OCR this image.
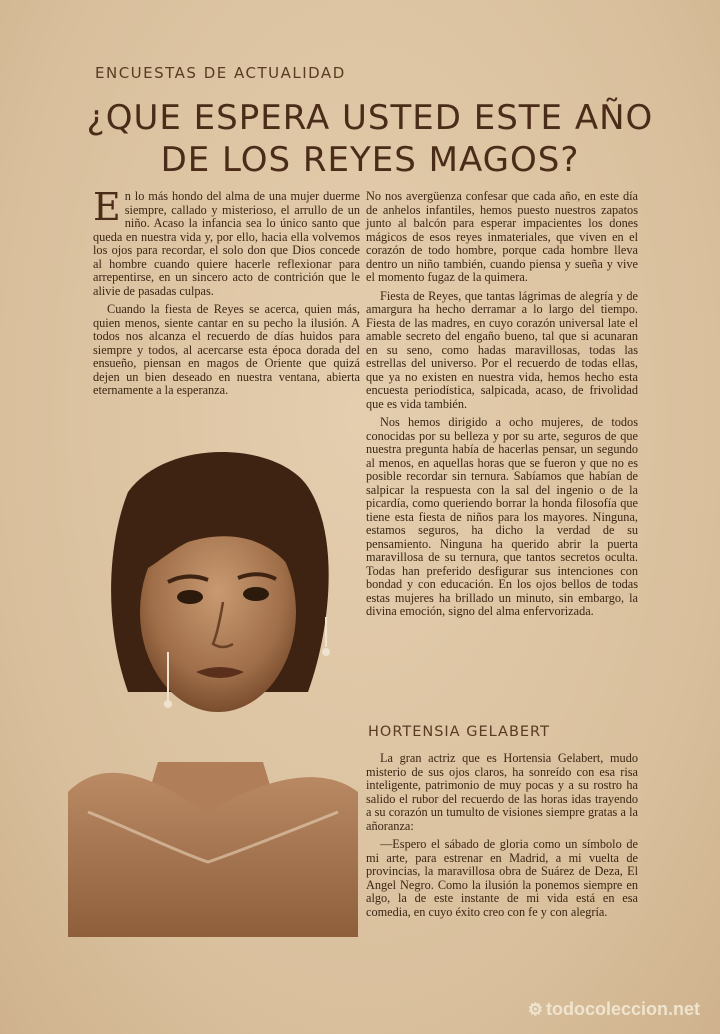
ENCUESTAS DE ACTUALIDAD
¿QUE ESPERA USTED ESTE AÑO
DE LOS REYES MAGOS?

En lo más hondo del alma de una mujer duerme siempre, callado y misterioso, el arrullo de un niño. Acaso la infancia sea lo único santo que queda en nuestra vida y, por ello, hacia ella volvemos los ojos para recordar, el solo don que Dios concede al hombre cuando quiere hacerle reflexionar para arrepentirse, en un sincero acto de contrición que le alivie de pasadas culpas.

Cuando la fiesta de Reyes se acerca, quien más, quien menos, siente cantar en su pecho la ilusión. A todos nos alcanza el recuerdo de días huidos para siempre y todos, al acercarse esta época dorada del ensueño, piensan en magos de Oriente que quizá dejen un bien deseado en nuestra ventana, abierta eternamente a la esperanza.

No nos avergüenza confesar que cada año, en este día de anhelos infantiles, hemos puesto nuestros zapatos junto al balcón para esperar impacientes los dones mágicos de esos reyes inmateriales, que viven en el corazón de todo hombre, porque cada hombre lleva dentro un niño también, cuando piensa y sueña y vive el momento fugaz de la quimera.

Fiesta de Reyes, que tantas lágrimas de alegría y de amargura ha hecho derramar a lo largo del tiempo. Fiesta de las madres, en cuyo corazón universal late el amable secreto del engaño bueno, tal que si acunaran en su seno, como hadas maravillosas, todas las estrellas del universo. Por el recuerdo de todas ellas, que ya no existen en nuestra vida, hemos hecho esta encuesta periodística, salpicada, acaso, de frivolidad que es vida también.

Nos hemos dirigido a ocho mujeres, de todos conocidas por su belleza y por su arte, seguros de que nuestra pregunta había de hacerlas pensar, un segundo al menos, en aquellas horas que se fueron y que no es posible recordar sin ternura. Sabíamos que habían de salpicar la respuesta con la sal del ingenio o de la picardía, como queriendo borrar la honda filosofía que tiene esta fiesta de niños para los mayores. Ninguna, estamos seguros, ha dicho la verdad de su pensamiento. Ninguna ha querido abrir la puerta maravillosa de su ternura, que tantos secretos oculta. Todas han preferido desfigurar sus intenciones con bondad y con educación. En los ojos bellos de todas estas mujeres ha brillado un minuto, sin embargo, la divina emoción, signo del alma enfervorizada.

HORTENSIA GELABERT

La gran actriz que es Hortensia Gelabert, mudo misterio de sus ojos claros, ha sonreído con esa risa inteligente, patrimonio de muy pocas y a su rostro ha salido el rubor del recuerdo de las horas idas trayendo a su corazón un tumulto de visiones siempre gratas a la añoranza:

—Espero el sábado de gloria como un símbolo de mi arte, para estrenar en Madrid, a mi vuelta de provincias, la maravillosa obra de Suárez de Deza, El Angel Negro. Como la ilusión la ponemos siempre en algo, la de este instante de mi vida está en esa comedia, en cuyo éxito creo con fe y con alegría.

⚙ todocoleccion.net
